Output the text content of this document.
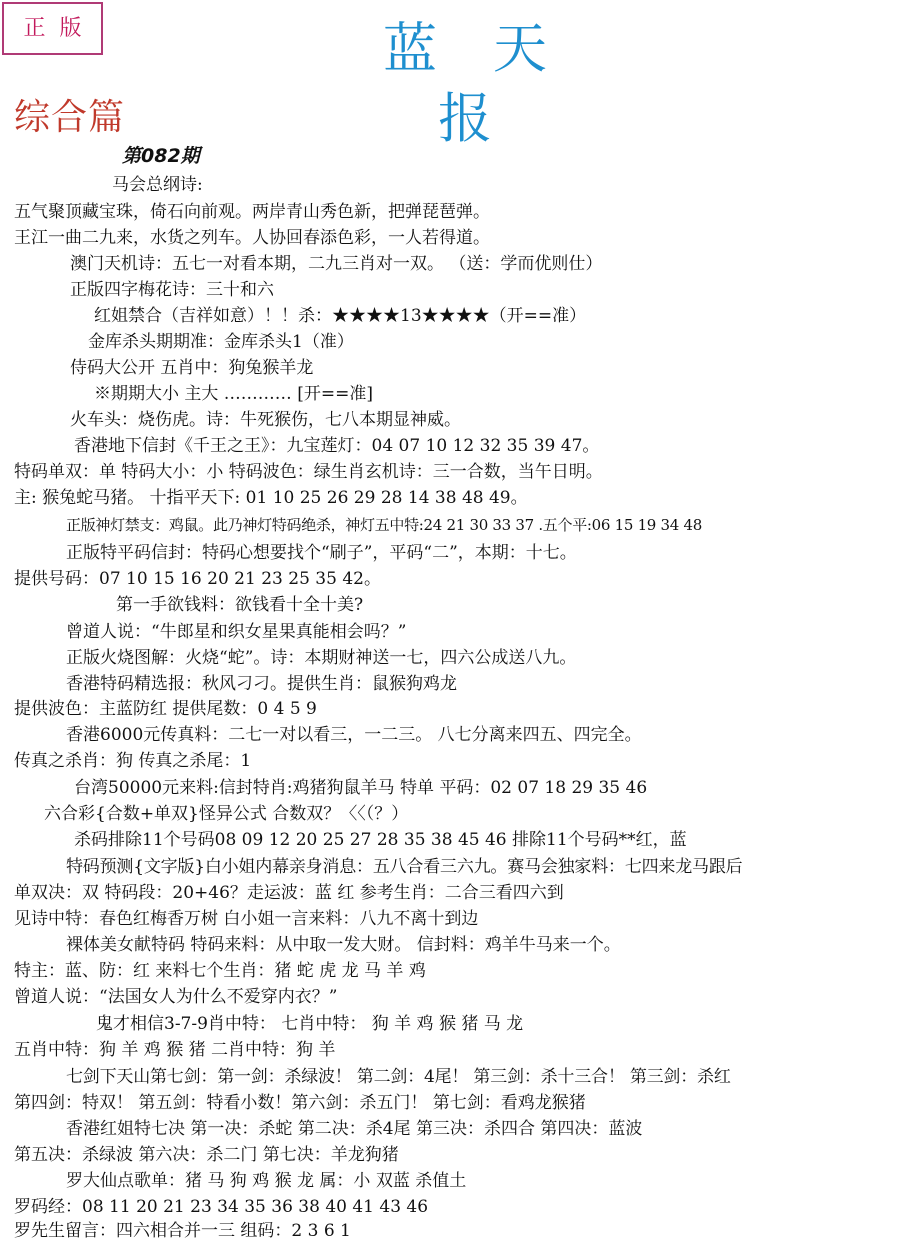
正版	蓝天报
综合篇
第082期
马会总纲诗:
五气聚顶藏宝珠，倚石向前观。两岸青山秀色新，把弹琵琶弹。
王江一曲二九来，水货之列车。人协回春添色彩，一人若得道。
澳门天机诗：五七一对看本期，二九三肖对一双。 （送：学而优则仕）
正版四字梅花诗：三十和六
红姐禁合（吉祥如意）！！杀：★★★★13★★★★（开==准）
金库杀头期期准：金库杀头1（准）
侍码大公开 五肖中：狗兔猴羊龙
※期期大小 主大 ………… [开==准]
火车头：烧伤虎。诗：牛死猴伤，七八本期显神威。
香港地下信封《千王之王》：九宝莲灯：04 07 10 12 32 35 39 47。
特码单双：单 特码大小：小 特码波色：绿生肖玄机诗：三一合数，当午日明。
主: 猴兔蛇马猪。 十指平天下: 01 10 25 26 29 28 14 38 48 49。
正版神灯禁支：鸡鼠。此乃神灯特码绝杀，神灯五中特:24 21 30 33 37 .五个平:06 15 19 34 48
正版特平码信封：特码心想要找个“刷子”，平码“二”，本期：十七。
提供号码：07 10 15 16 20 21 23 25 35 42。
第一手欲钱料：欲钱看十全十美?
曾道人说：“牛郎星和织女星果真能相会吗？”
正版火烧图解：火烧“蛇”。诗：本期财神送一七，四六公成送八九。
香港特码精选报：秋风刁刁。提供生肖：鼠猴狗鸡龙
提供波色：主蓝防红 提供尾数：0 4 5 9
香港6000元传真料：二七一对以看三，一二三。 八七分离来四五、四完全。
传真之杀肖：狗 传真之杀尾：1
台湾50000元来料:信封特肖:鸡猪狗鼠羊马 特单 平码：02 07 18 29 35 46
六合彩{合数+单双}怪异公式 合数双？〈〈（？）
杀码排除11个号码08 09 12 20 25 27 28 35 38 45 46 排除11个号码**红，蓝
特码预测{文字版}白小姐内幕亲身消息：五八合看三六九。赛马会独家料：七四来龙马跟后
单双决：双 特码段：20+46？走运波：蓝 红 参考生肖：二合三看四六到
见诗中特：春色红梅香万树 白小姐一言来料：八九不离十到边
裸体美女献特码 特码来料：从中取一发大财。 信封料：鸡羊牛马来一个。
特主：蓝、防：红 来料七个生肖：猪 蛇 虎 龙 马 羊 鸡
曾道人说：“法国女人为什么不爱穿内衣？”
鬼才相信3-7-9肖中特： 七肖中特： 狗 羊 鸡 猴 猪 马 龙
五肖中特：狗 羊 鸡 猴 猪 二肖中特：狗 羊
七剑下天山第七剑：第一剑：杀绿波！ 第二剑：4尾！ 第三剑：杀十三合！ 第三剑：杀红
第四剑：特双！ 第五剑：特看小数！第六剑：杀五门！ 第七剑：看鸡龙猴猪
香港红姐特七决 第一决：杀蛇 第二决：杀4尾 第三决：杀四合 第四决：蓝波
第五决：杀绿波 第六决：杀二门 第七决：羊龙狗猪
罗大仙点歌单：猪 马 狗 鸡 猴 龙 属：小 双蓝 杀值土
罗码经：08 11 20 21 23 34 35 36 38 40 41 43 46
罗先生留言：四六相合并一三 组码：2 3 6 1
